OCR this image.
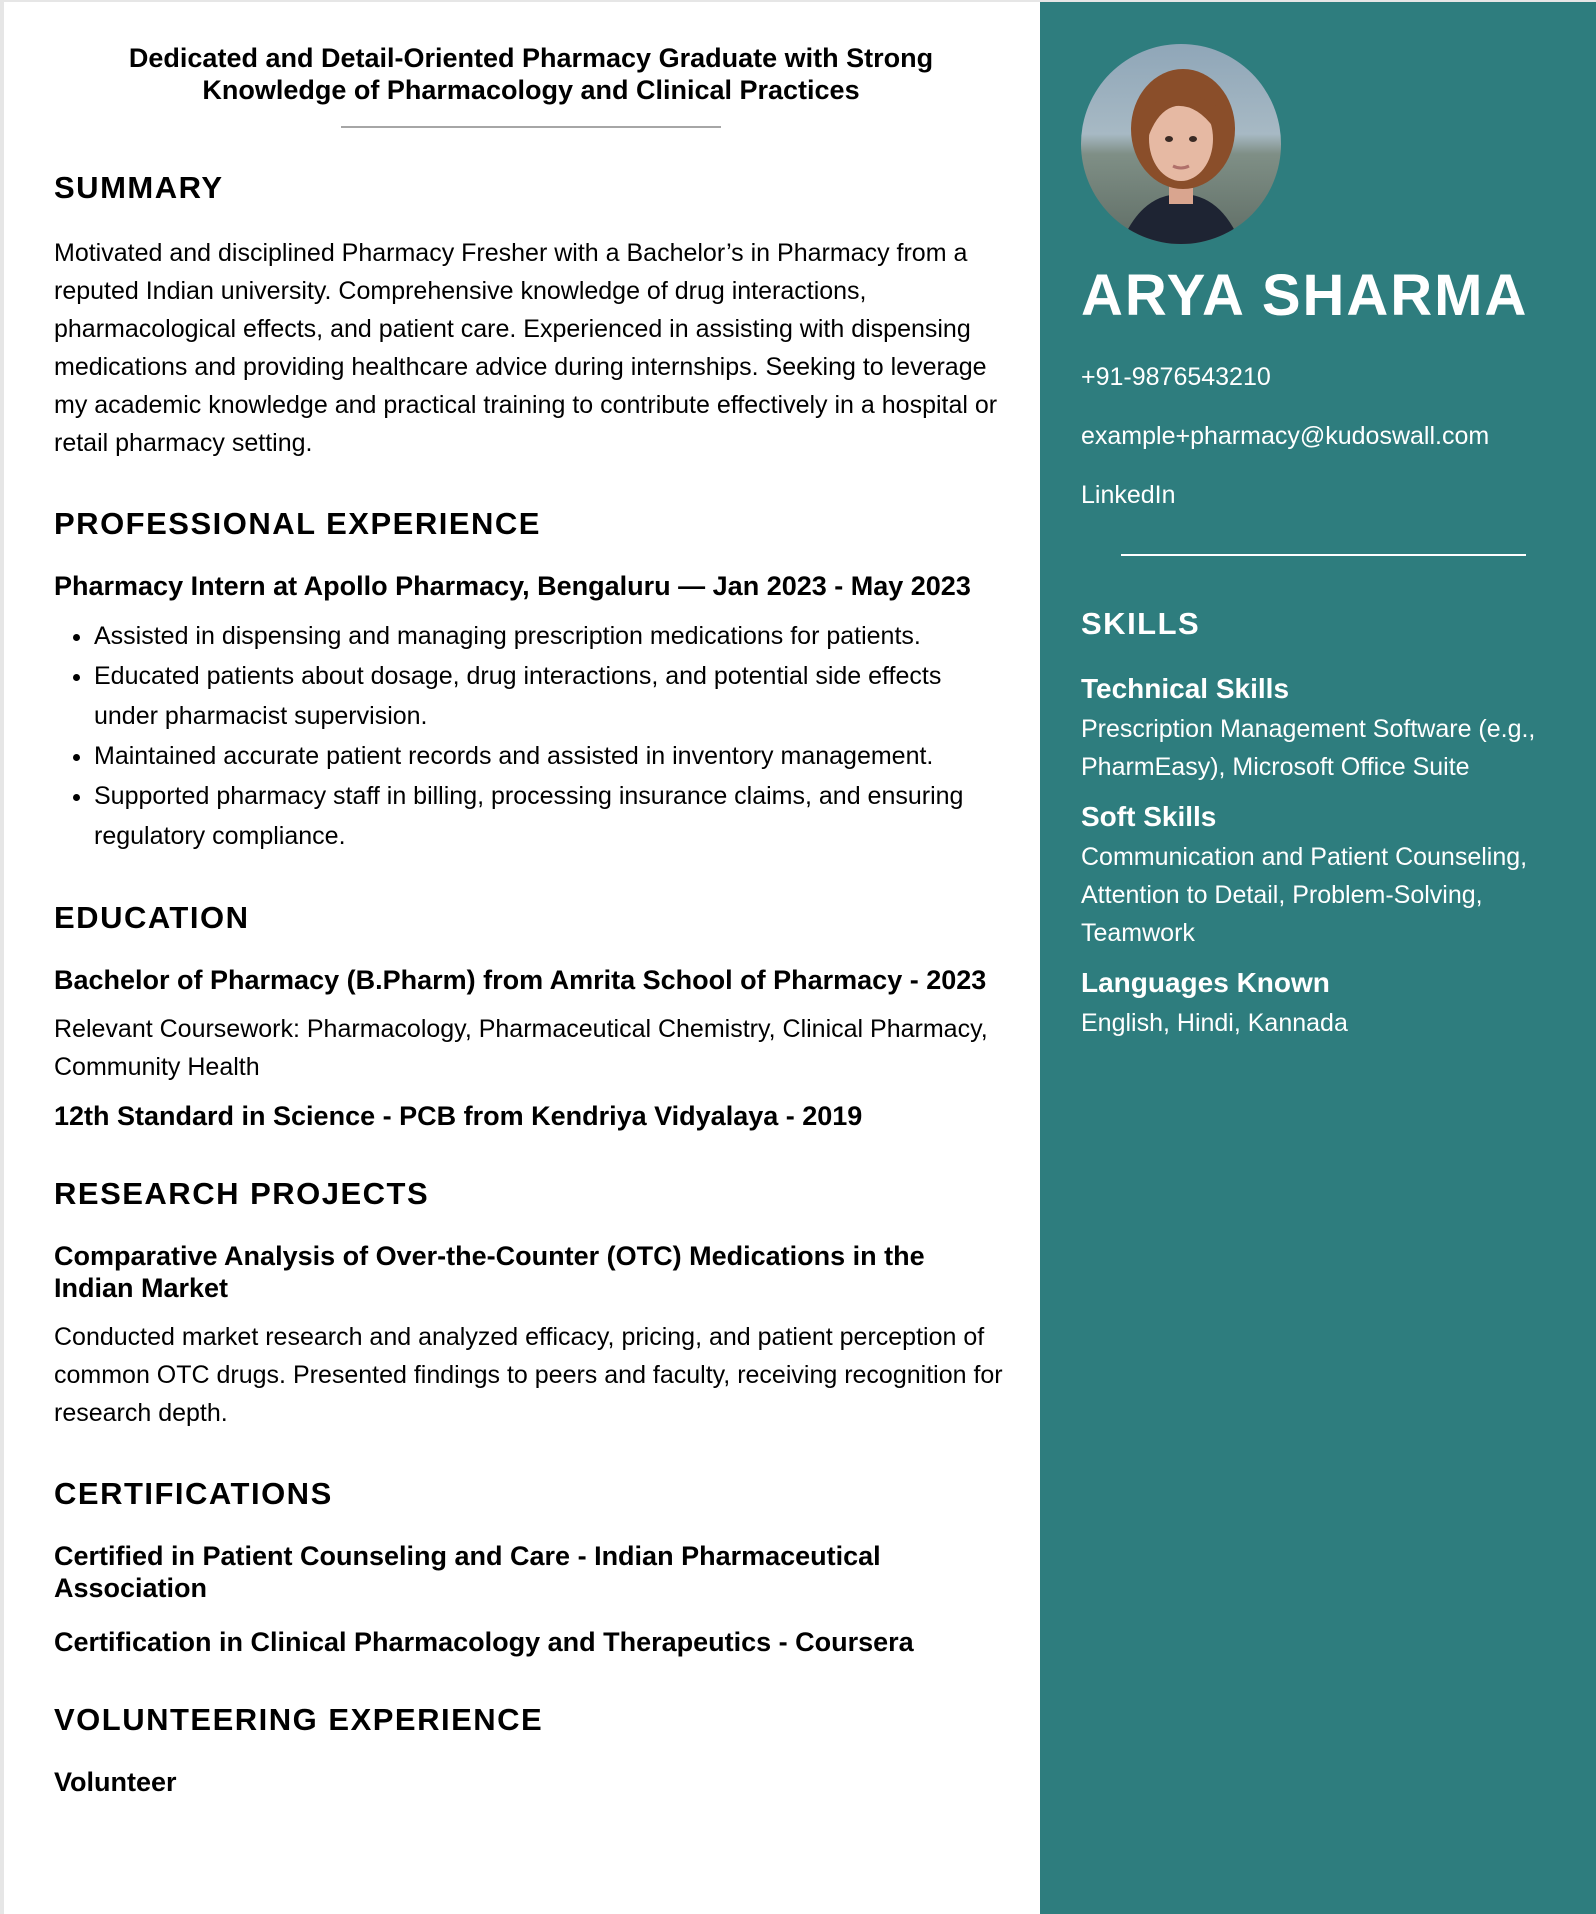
Dedicated and Detail-Oriented Pharmacy Graduate with Strong Knowledge of Pharmacology and Clinical Practices
SUMMARY

Motivated and disciplined Pharmacy Fresher with a Bachelor’s in Pharmacy from a reputed Indian university. Comprehensive knowledge of drug interactions, pharmacological effects, and patient care. Experienced in assisting with dispensing medications and providing healthcare advice during internships. Seeking to leverage my academic knowledge and practical training to contribute effectively in a hospital or retail pharmacy setting.

PROFESSIONAL EXPERIENCE
Pharmacy Intern at Apollo Pharmacy, Bengaluru — Jan 2023 - May 2023
• Assisted in dispensing and managing prescription medications for patients.
• Educated patients about dosage, drug interactions, and potential side effects under pharmacist supervision.
• Maintained accurate patient records and assisted in inventory management.
• Supported pharmacy staff in billing, processing insurance claims, and ensuring regulatory compliance.
EDUCATION
Bachelor of Pharmacy (B.Pharm) from Amrita School of Pharmacy - 2023

Relevant Coursework: Pharmacology, Pharmaceutical Chemistry, Clinical Pharmacy, Community Health

12th Standard in Science - PCB from Kendriya Vidyalaya - 2019
RESEARCH PROJECTS
Comparative Analysis of Over-the-Counter (OTC) Medications in the Indian Market

Conducted market research and analyzed efficacy, pricing, and patient perception of common OTC drugs. Presented findings to peers and faculty, receiving recognition for research depth.

CERTIFICATIONS
Certified in Patient Counseling and Care - Indian Pharmaceutical Association
Certification in Clinical Pharmacology and Therapeutics - Coursera
VOLUNTEERING EXPERIENCE
Volunteer
ARYA SHARMA
+91-9876543210
example+pharmacy@kudoswall.com
LinkedIn
SKILLS
Technical Skills
Prescription Management Software (e.g., PharmEasy), Microsoft Office Suite
Soft Skills
Communication and Patient Counseling, Attention to Detail, Problem-Solving, Teamwork
Languages Known
English, Hindi, Kannada
